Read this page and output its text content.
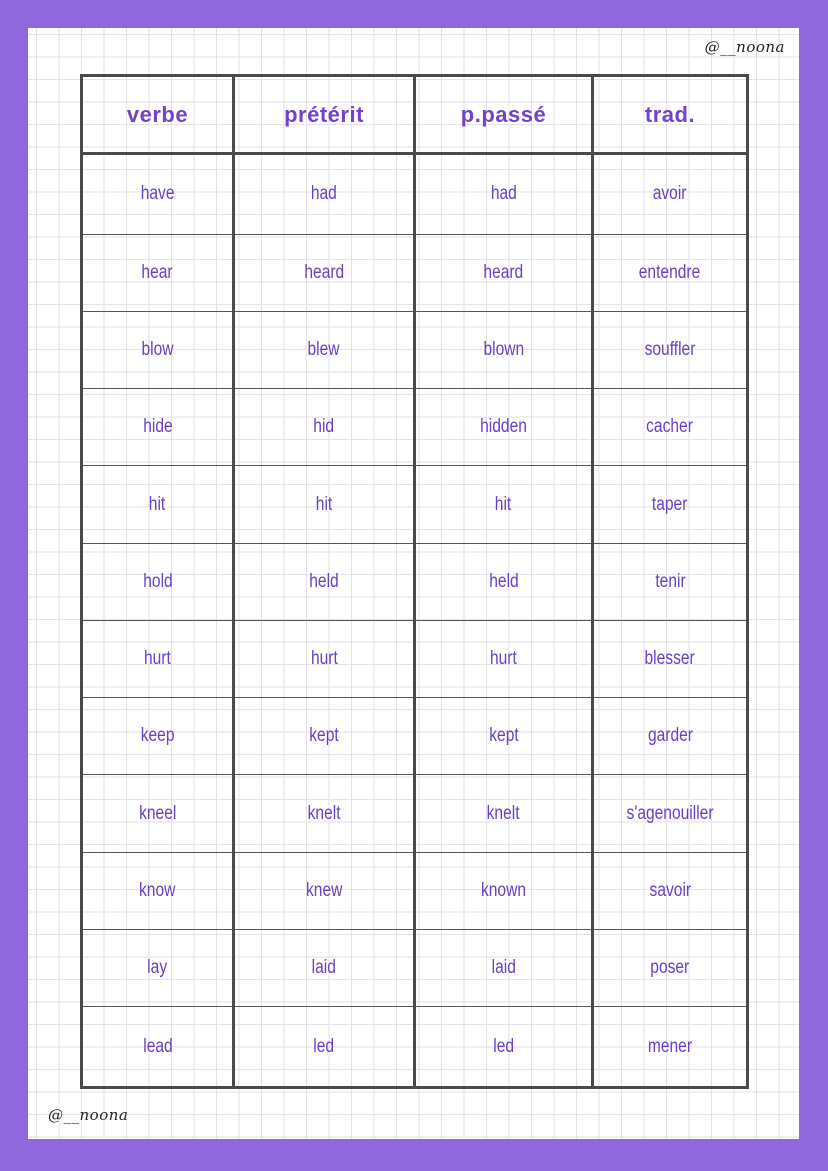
@__noona
verbe	prétérit	p.passé	trad.
have	had	had	avoir
hear	heard	heard	entendre
blow	blew	blown	souffler
hide	hid	hidden	cacher
hit	hit	hit	taper
hold	held	held	tenir
hurt	hurt	hurt	blesser
keep	kept	kept	garder
kneel	knelt	knelt	s'agenouiller
know	knew	known	savoir
lay	laid	laid	poser
lead	led	led	mener
@__noona
